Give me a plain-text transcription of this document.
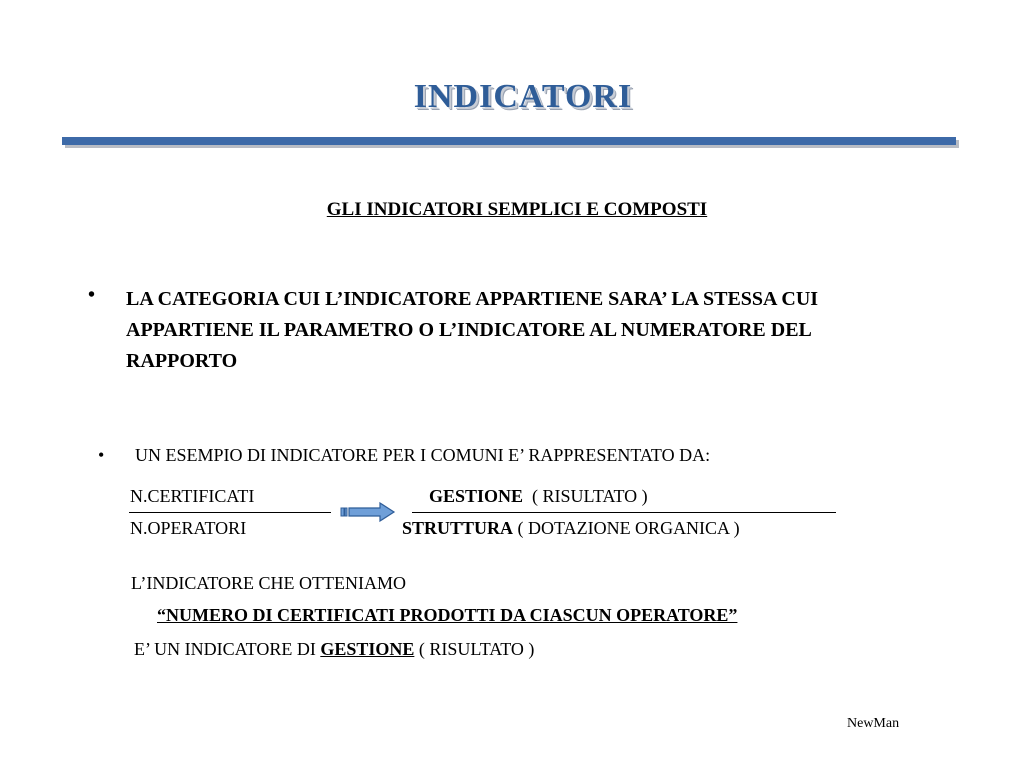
INDICATORI
GLI INDICATORI SEMPLICI E COMPOSTI
• LA CATEGORIA CUI L’INDICATORE APPARTIENE SARA’ LA STESSA CUI APPARTIENE IL PARAMETRO O L’INDICATORE AL NUMERATORE DEL RAPPORTO
• UN ESEMPIO DI INDICATORE PER I COMUNI E’ RAPPRESENTATO DA:
N.CERTIFICATI
N.OPERATORI
GESTIONE ( RISULTATO )
STRUTTURA ( DOTAZIONE ORGANICA )
L’INDICATORE CHE OTTENIAMO
“NUMERO DI CERTIFICATI PRODOTTI DA CIASCUN OPERATORE”
E’ UN INDICATORE DI GESTIONE ( RISULTATO )
NewMan
